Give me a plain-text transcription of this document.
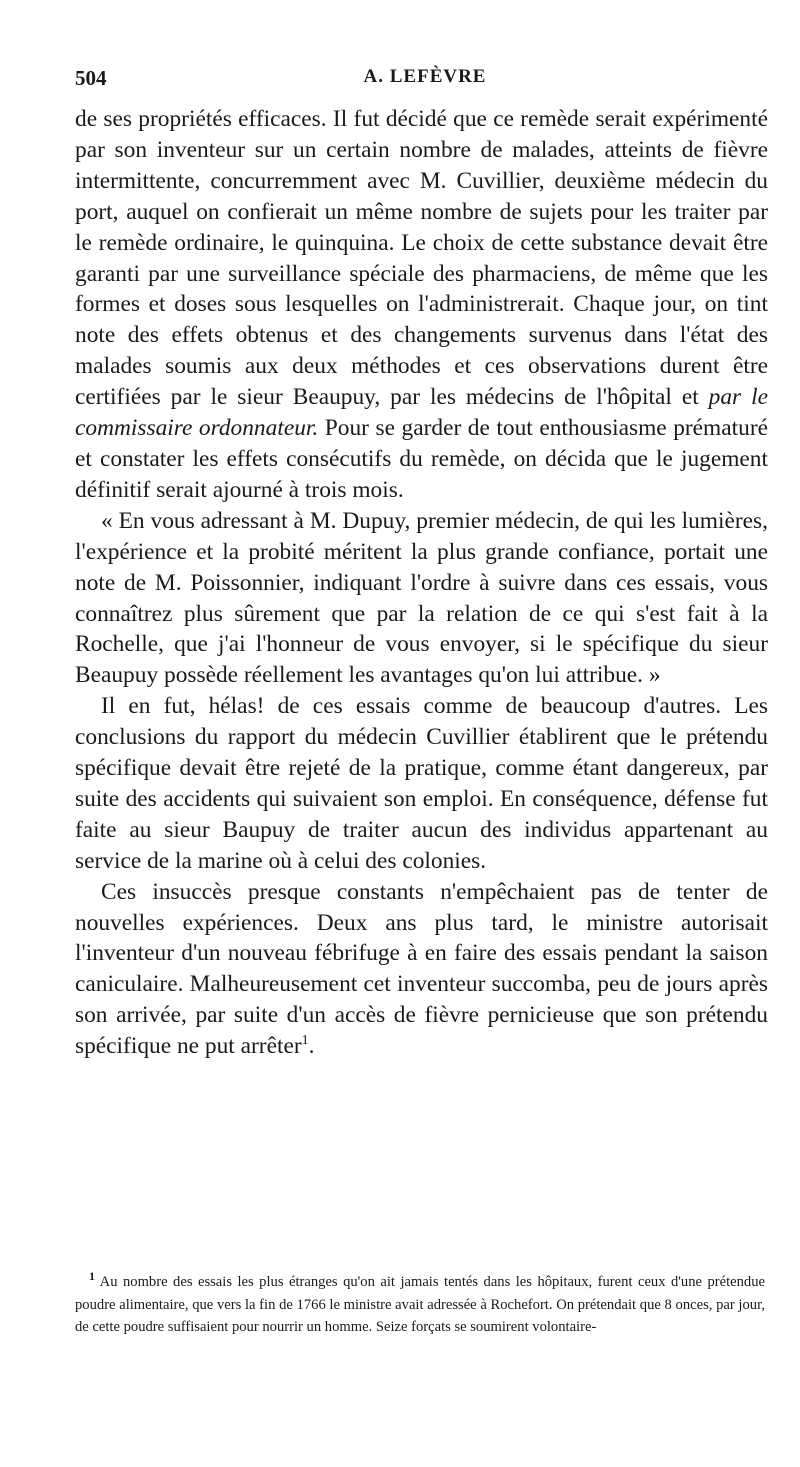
504	A. LEFÈVRE

de ses propriétés efficaces. Il fut décidé que ce remède serait expérimenté par son inventeur sur un certain nombre de malades, atteints de fièvre intermittente, concurremment avec M. Cuvillier, deuxième médecin du port, auquel on confierait un même nombre de sujets pour les traiter par le remède ordinaire, le quinquina. Le choix de cette substance devait être garanti par une surveillance spéciale des pharmaciens, de même que les formes et doses sous lesquelles on l'administrerait. Chaque jour, on tint note des effets obtenus et des changements survenus dans l'état des malades soumis aux deux méthodes et ces observations durent être certifiées par le sieur Beaupuy, par les médecins de l'hôpital et par le commissaire ordonnateur. Pour se garder de tout enthousiasme prématuré et constater les effets consécutifs du remède, on décida que le jugement définitif serait ajourné à trois mois.

« En vous adressant à M. Dupuy, premier médecin, de qui les lumières, l'expérience et la probité méritent la plus grande confiance, portait une note de M. Poissonnier, indiquant l'ordre à suivre dans ces essais, vous connaîtrez plus sûrement que par la relation de ce qui s'est fait à la Rochelle, que j'ai l'honneur de vous envoyer, si le spécifique du sieur Beaupuy possède réellement les avantages qu'on lui attribue. »

Il en fut, hélas! de ces essais comme de beaucoup d'autres. Les conclusions du rapport du médecin Cuvillier établirent que le prétendu spécifique devait être rejeté de la pratique, comme étant dangereux, par suite des accidents qui suivaient son emploi. En conséquence, défense fut faite au sieur Baupuy de traiter aucun des individus appartenant au service de la marine où à celui des colonies.

Ces insuccès presque constants n'empêchaient pas de tenter de nouvelles expériences. Deux ans plus tard, le ministre autorisait l'inventeur d'un nouveau fébrifuge à en faire des essais pendant la saison caniculaire. Malheureusement cet inventeur succomba, peu de jours après son arrivée, par suite d'un accès de fièvre pernicieuse que son prétendu spécifique ne put arrêter$^1$.

$^1$ Au nombre des essais les plus étranges qu'on ait jamais tentés dans les hôpitaux, furent ceux d'une prétendue poudre alimentaire, que vers la fin de 1766 le ministre avait adressée à Rochefort. On prétendait que 8 onces, par jour, de cette poudre suffisaient pour nourrir un homme. Seize forçats se soumirent volontaire-
